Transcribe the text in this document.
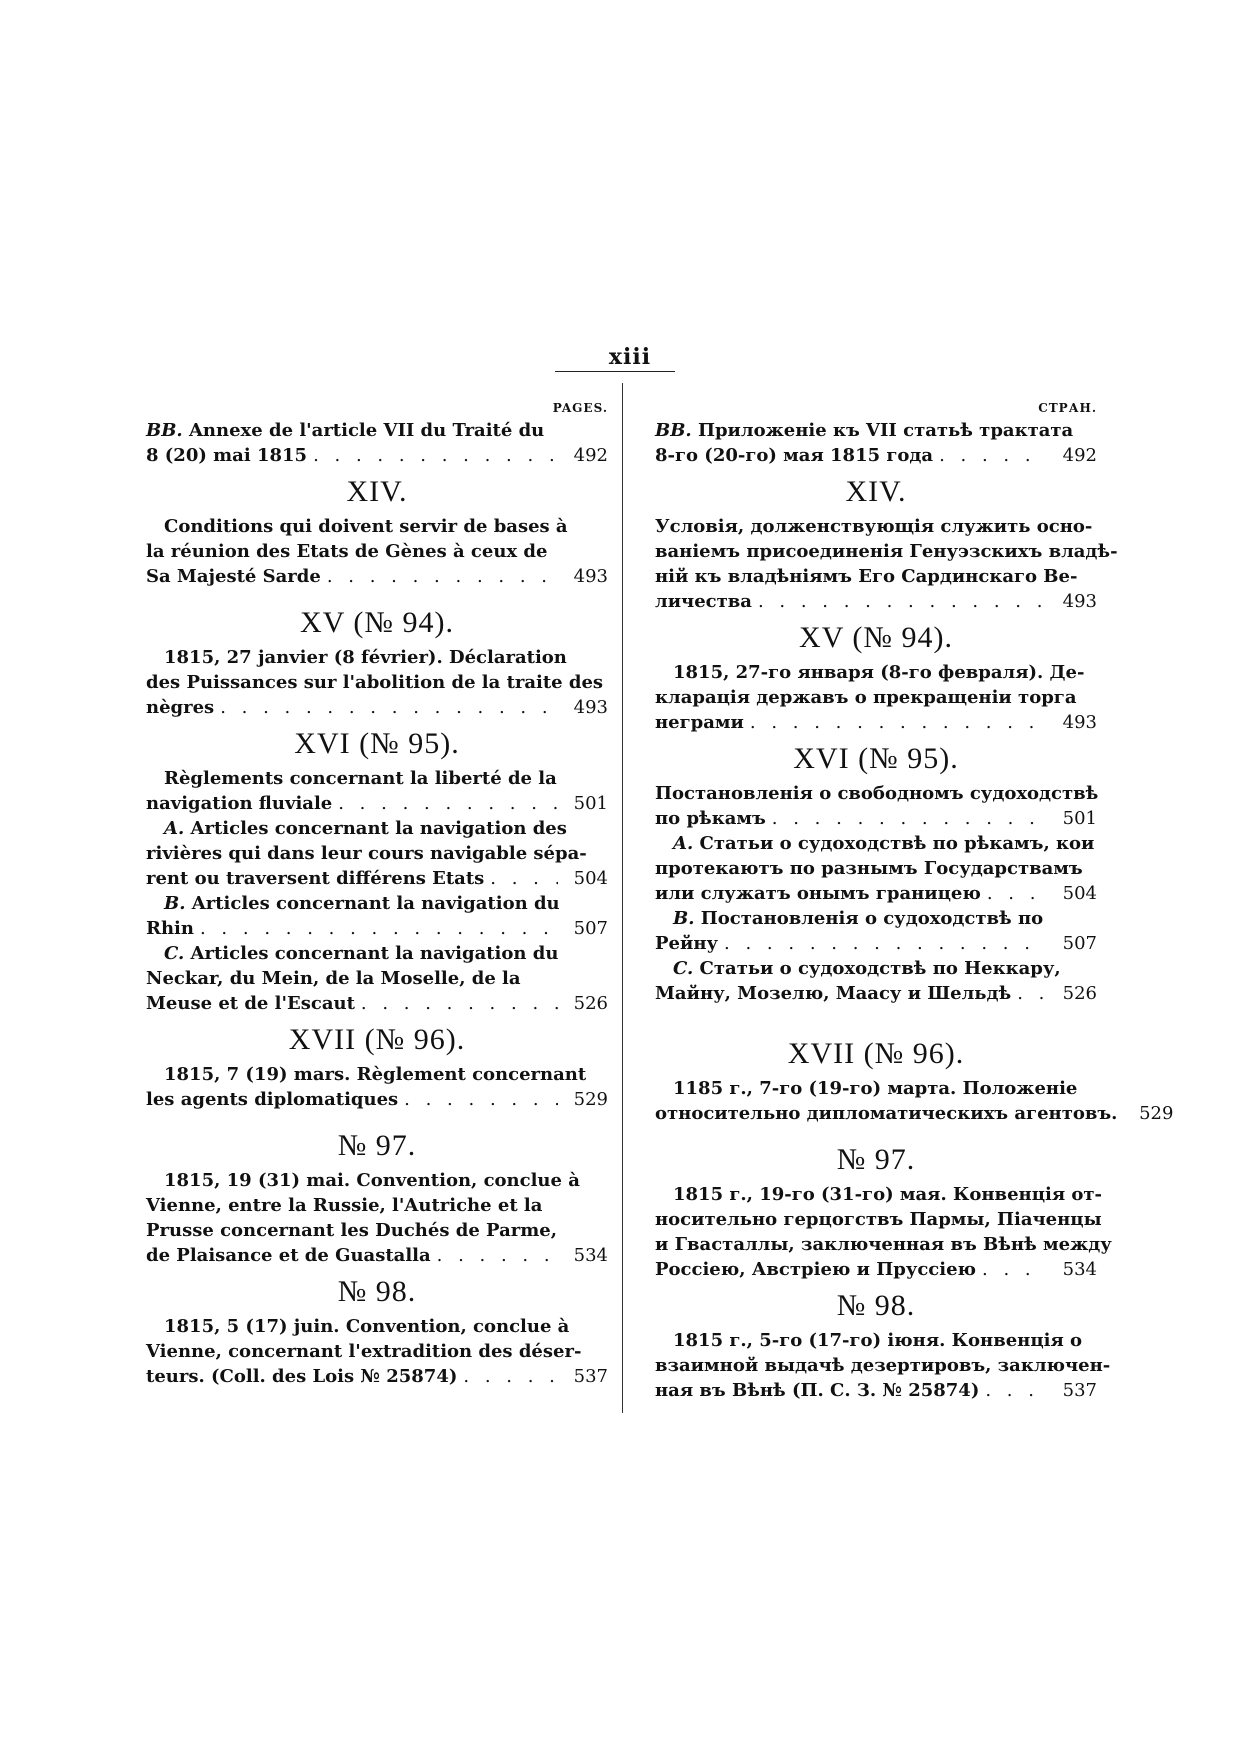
xiii
PAGES.
BB. Annexe de l'article VII du Traité du
8 (20) mai 1815 . . .	492
XIV.
Conditions qui doivent servir de bases à
la réunion des Etats de Gènes à ceux de
Sa Majesté Sarde . . .	493
XV (№ 94).
1815, 27 janvier (8 février). Déclaration
des Puissances sur l'abolition de la traite des
nègres . . .	493
XVI (№ 95).
Règlements concernant la liberté de la
navigation fluviale . . .	501
A. Articles concernant la navigation des
rivières qui dans leur cours navigable sépa-
rent ou traversent différens Etats . . .	504
B. Articles concernant la navigation du
Rhin . . .	507
C. Articles concernant la navigation du
Neckar, du Mein, de la Moselle, de la
Meuse et de l'Escaut . . .	526
XVII (№ 96).
1815, 7 (19) mars. Règlement concernant
les agents diplomatiques . . .	529
№ 97.
1815, 19 (31) mai. Convention, conclue à
Vienne, entre la Russie, l'Autriche et la
Prusse concernant les Duchés de Parme,
de Plaisance et de Guastalla . . .	534
№ 98.
1815, 5 (17) juin. Convention, conclue à
Vienne, concernant l'extradition des déser-
teurs. (Coll. des Lois № 25874) . . .	537
СТРАН.
BB. Приложеніе къ VII статьѣ трактата
8-го (20-го) мая 1815 года . . .	492
XIV.
Условія, долженствующія служить осно-
ваніемъ присоединенія Генуэзскихъ владѣ-
ній къ владѣніямъ Его Сардинскаго Ве-
личества . . .	493
XV (№ 94).
1815, 27-го января (8-го февраля). Де-
кларація державъ о прекращеніи торга
неграми . . .	493
XVI (№ 95).
Постановленія о свободномъ судоходствѣ
по рѣкамъ . . .	501
A. Статьи о судоходствѣ по рѣкамъ, кои
протекаютъ по разнымъ Государствамъ
или служатъ онымъ границею . . .	504
B. Постановленія о судоходствѣ по
Рейну . . .	507
C. Статьи о судоходствѣ по Неккару,
Майну, Мозелю, Маасу и Шельдѣ . . .	526
XVII (№ 96).
1185 г., 7-го (19-го) марта. Положеніе
относительно дипломатическихъ агентовъ.	529
№ 97.
1815 г., 19-го (31-го) мая. Конвенція от-
носительно герцогствъ Пармы, Піаченцы
и Гвасталлы, заключенная въ Вѣнѣ между
Россіею, Австріею и Пруссіею . . .	534
№ 98.
1815 г., 5-го (17-го) іюня. Конвенція о
взаимной выдачѣ дезертировъ, заключен-
ная въ Вѣнѣ (П. С. З. № 25874) . . .	537
